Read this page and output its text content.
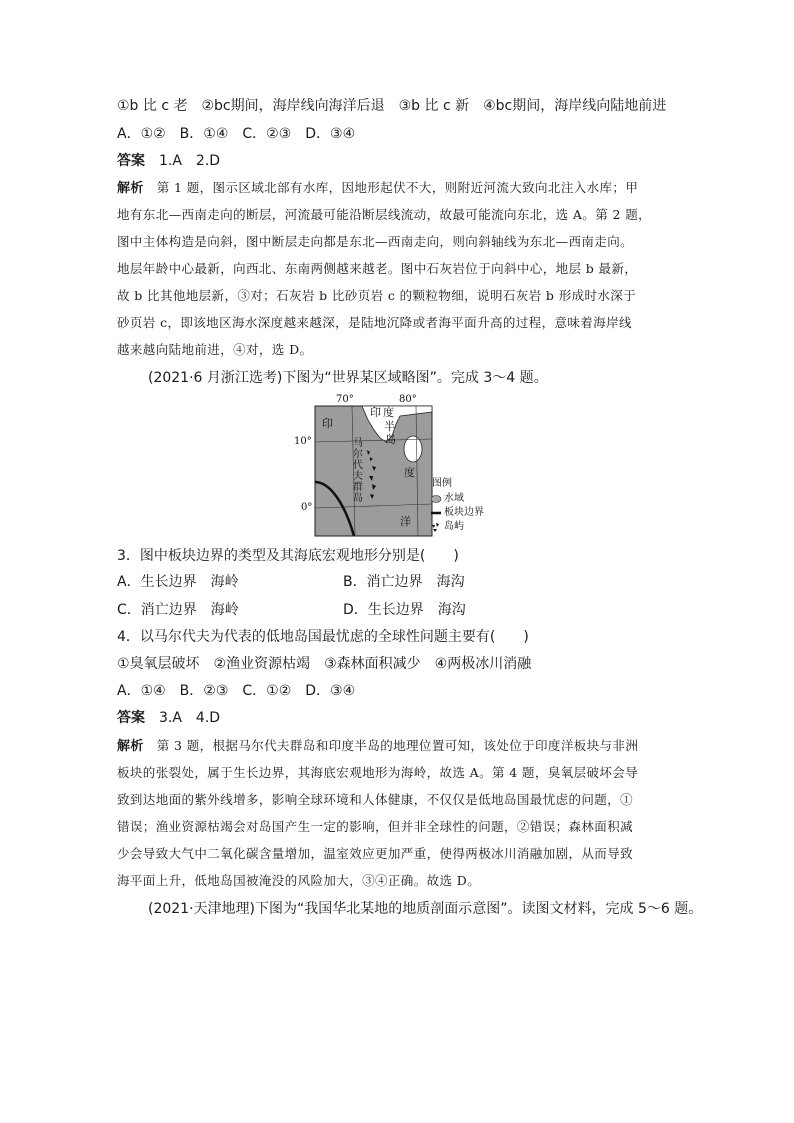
①b 比 c 老　②bc期间，海岸线向海洋后退　③b 比 c 新　④bc期间，海岸线向陆地前进
A．①②　B．①④　C．②③　D．③④
答案　 1.A　2.D
解析　 第 1 题，图示区域北部有水库，因地形起伏不大，则附近河流大致向北注入水库；甲
地有东北—西南走向的断层，河流最可能沿断层线流动，故最可能流向东北，选 A。第 2 题，
图中主体构造是向斜，图中断层走向都是东北—西南走向，则向斜轴线为东北—西南走向。
地层年龄中心最新，向西北、东南两侧越来越老。图中石灰岩位于向斜中心，地层 b 最新，
故 b 比其他地层新，③对；石灰岩 b 比砂页岩 c 的颗粒物细，说明石灰岩 b 形成时水深于
砂页岩 c，即该地区海水深度越来越深，是陆地沉降或者海平面升高的过程，意味着海岸线
越来越向陆地前进，④对，选 D。
(2021·6 月浙江选考)下图为“世界某区域略图”。完成 3～4 题。
70°	80°
10°
0°
印
印 度
半
岛
马
尔
代
夫
群
岛
度
洋
图例
水域
板块边界
岛屿
3．图中板块边界的类型及其海底宏观地形分别是(　　)
A．生长边界　海岭	B．消亡边界　海沟
C．消亡边界　海岭	D．生长边界　海沟
4．以马尔代夫为代表的低地岛国最忧虑的全球性问题主要有(　　)
①臭氧层破坏　②渔业资源枯竭　③森林面积减少　④两极冰川消融
A．①④　B．②③　C．①②　D．③④
答案　 3.A　4.D
解析　 第 3 题，根据马尔代夫群岛和印度半岛的地理位置可知，该处位于印度洋板块与非洲
板块的张裂处，属于生长边界，其海底宏观地形为海岭，故选 A。第 4 题，臭氧层破坏会导
致到达地面的紫外线增多，影响全球环境和人体健康，不仅仅是低地岛国最忧虑的问题，①
错误；渔业资源枯竭会对岛国产生一定的影响，但并非全球性的问题，②错误；森林面积减
少会导致大气中二氧化碳含量增加，温室效应更加严重，使得两极冰川消融加剧，从而导致
海平面上升，低地岛国被淹没的风险加大，③④正确。故选 D。
(2021·天津地理)下图为“我国华北某地的地质剖面示意图”。读图文材料，完成 5～6 题。
